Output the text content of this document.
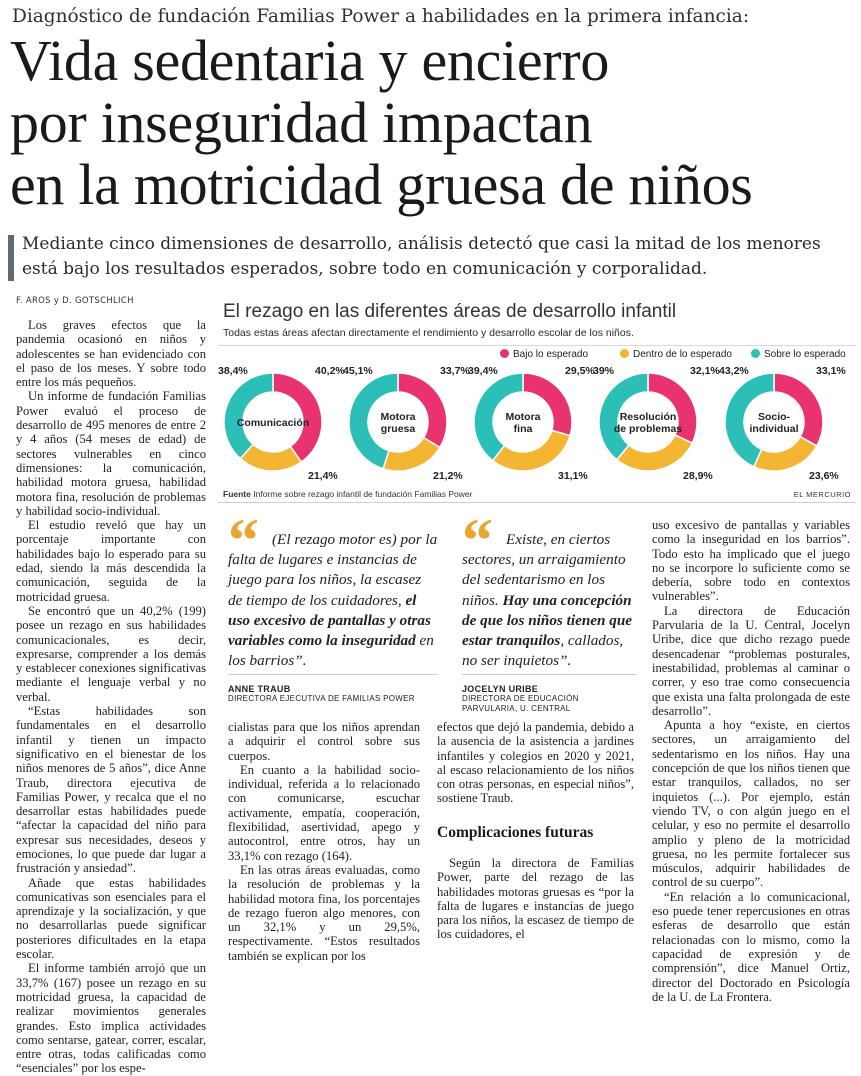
Diagnóstico de fundación Familias Power a habilidades en la primera infancia:
Vida sedentaria y encierro
por inseguridad impactan
en la motricidad gruesa de niños
Mediante cinco dimensiones de desarrollo, análisis detectó que casi la mitad de los menores está bajo los resultados esperados, sobre todo en comunicación y corporalidad.
F. AROS y D. GOTSCHLICH

Los graves efectos que la pandemia ocasionó en niños y adolescentes se han evidenciado con el paso de los meses. Y sobre todo entre los más pequeños.

Un informe de fundación Familias Power evaluó el proceso de desarrollo de 495 menores de entre 2 y 4 años (54 meses de edad) de sectores vulnerables en cinco dimensiones: la comunicación, habilidad motora gruesa, habilidad motora fina, resolución de problemas y habilidad socio-individual.

El estudio reveló que hay un porcentaje importante con habilidades bajo lo esperado para su edad, siendo la más descendida la comunicación, seguida de la motricidad gruesa.

Se encontró que un 40,2% (199) posee un rezago en sus habilidades comunicacionales, es decir, expresarse, comprender a los demás y establecer conexiones significativas mediante el lenguaje verbal y no verbal.

“Estas habilidades son fundamentales en el desarrollo infantil y tienen un impacto significativo en el bienestar de los niños menores de 5 años”, dice Anne Traub, directora ejecutiva de Familias Power, y recalca que el no desarrollar estas habilidades puede “afectar la capacidad del niño para expresar sus necesidades, deseos y emociones, lo que puede dar lugar a frustración y ansiedad”.

Añade que estas habilidades comunicativas son esenciales para el aprendizaje y la socialización, y que no desarrollarlas puede significar posteriores dificultades en la etapa escolar.

El informe también arrojó que un 33,7% (167) posee un rezago en su motricidad gruesa, la capacidad de realizar movimientos generales grandes. Esto implica actividades como sentarse, gatear, correr, escalar, entre otras, todas calificadas como “esenciales” por los espe-

El rezago en las diferentes áreas de desarrollo infantil
Todas estas áreas afectan directamente el rendimiento y desarrollo escolar de los niños.
Bajo lo esperado	Dentro de lo esperado	Sobre lo esperado
Comunicación
40,2%
21,4%
38,4%
Motora
gruesa
33,7%
21,2%
45,1%
Motora
fina
29,5%
31,1%
39,4%
Resolución
de problemas
32,1%
28,9%
39%
Socio-
individual
33,1%
23,6%
43,2%
Fuente Informe sobre rezago infantil de fundación Familias Power	EL MERCURIO
“ (El rezago motor es) por la falta de lugares e instancias de juego para los niños, la escasez de tiempo de los cuidadores, el uso excesivo de pantallas y otras variables como la inseguridad en los barrios”.
ANNE TRAUB
DIRECTORA EJECUTIVA DE FAMILIAS POWER
“ Existe, en ciertos sectores, un arraigamiento del sedentarismo en los niños. Hay una concepción de que los niños tienen que estar tranquilos, callados, no ser inquietos”.
JOCELYN URIBE
DIRECTORA DE EDUCACIÓN
PARVULARIA, U. CENTRAL

cialistas para que los niños aprendan a adquirir el control sobre sus cuerpos.

En cuanto a la habilidad socio-individual, referida a lo relacionado con comunicarse, escuchar activamente, empatía, cooperación, flexibilidad, asertividad, apego y autocontrol, entre otros, hay un 33,1% con rezago (164).

En las otras áreas evaluadas, como la resolución de problemas y la habilidad motora fina, los porcentajes de rezago fueron algo menores, con un 32,1% y un 29,5%, respectivamente. “Estos resultados también se explican por los

efectos que dejó la pandemia, debido a la ausencia de la asistencia a jardines infantiles y colegios en 2020 y 2021, al escaso relacionamiento de los niños con otras personas, en especial niños”, sostiene Traub.

Complicaciones futuras

Según la directora de Familias Power, parte del rezago de las habilidades motoras gruesas es “por la falta de lugares e instancias de juego para los niños, la escasez de tiempo de los cuidadores, el

uso excesivo de pantallas y variables como la inseguridad en los barrios”. Todo esto ha implicado que el juego no se incorpore lo suficiente como se debería, sobre todo en contextos vulnerables”.

La directora de Educación Parvularia de la U. Central, Jocelyn Uribe, dice que dicho rezago puede desencadenar “problemas posturales, inestabilidad, problemas al caminar o correr, y eso trae como consecuencia que exista una falta prolongada de este desarrollo”.

Apunta a hoy “existe, en ciertos sectores, un arraigamiento del sedentarismo en los niños. Hay una concepción de que los niños tienen que estar tranquilos, callados, no ser inquietos (...). Por ejemplo, están viendo TV, o con algún juego en el celular, y eso no permite el desarrollo amplio y pleno de la motricidad gruesa, no les permite fortalecer sus músculos, adquirir habilidades de control de su cuerpo”.

“En relación a lo comunicacional, eso puede tener repercusiones en otras esferas de desarrollo que están relacionadas con lo mismo, como la capacidad de expresión y de comprensión”, dice Manuel Ortiz, director del Doctorado en Psicología de la U. de La Frontera.
